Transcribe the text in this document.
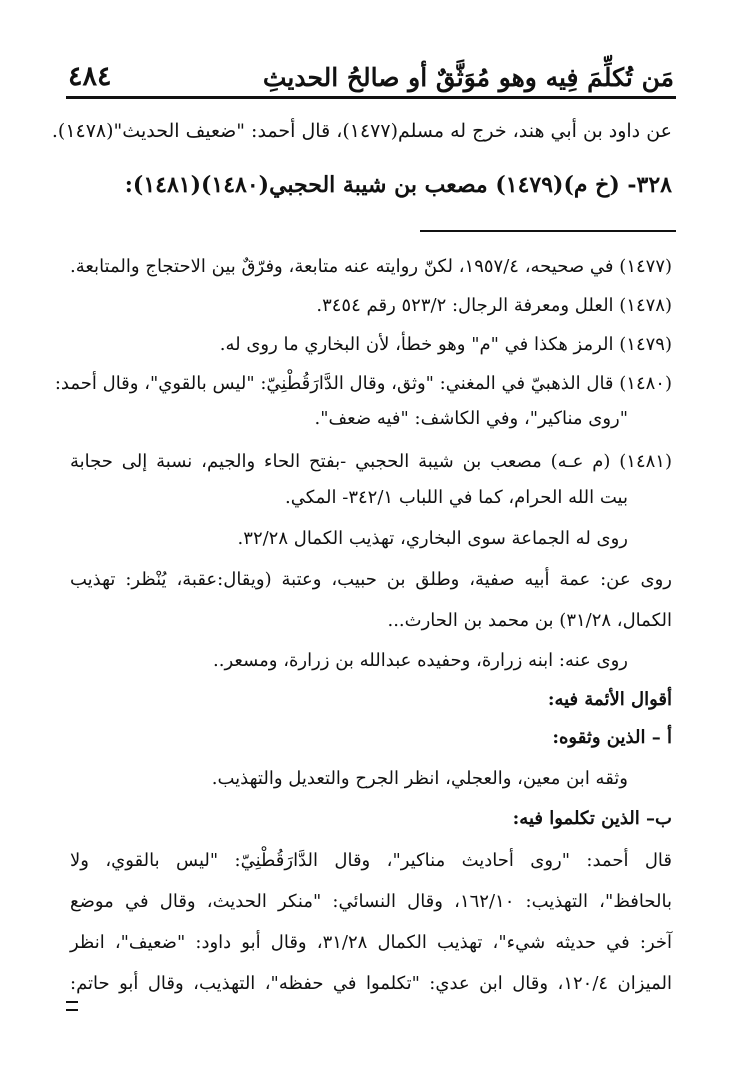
مَن تُكلِّمَ فِيه وهو مُوَثَّقٌ أو صالحُ الحديثِ
٤٨٤
عن داود بن أبي هند، خرج له مسلم(١٤٧٧)، قال أحمد: "ضعيف الحديث"(١٤٧٨).
٣٢٨- (خ م)(١٤٧٩) مصعب بن شيبة الحجبي(١٤٨٠)(١٤٨١):
(١٤٧٧) في صحيحه، ١٩٥٧/٤، لكنّ روايته عنه متابعة، وفرّقٌ بين الاحتجاج والمتابعة.
(١٤٧٨) العلل ومعرفة الرجال: ٥٢٣/٢ رقم ٣٤٥٤.
(١٤٧٩) الرمز هكذا في "م" وهو خطأ، لأن البخاري ما روى له.
(١٤٨٠) قال الذهبيّ في المغني: "وثق، وقال الدَّارَقُطْنِيّ: "ليس بالقوي"، وقال أحمد:
"روى مناكير"، وفي الكاشف: "فيه ضعف".
(١٤٨١) (م عـه) مصعب بن شيبة الحجبي -بفتح الحاء والجيم، نسبة إلى حجابة
بيت الله الحرام، كما في اللباب ٣٤٢/١- المكي.
روى له الجماعة سوى البخاري، تهذيب الكمال ٣٢/٢٨.
روى عن: عمة أبيه صفية، وطلق بن حبيب، وعتبة (ويقال:عقبة، يُنْظر: تهذيب
الكمال، ٣١/٢٨) بن محمد بن الحارث...
روى عنه: ابنه زرارة، وحفيده عبدالله بن زرارة، ومسعر..
أقوال الأئمة فيه:
أ – الذين وثقوه:
وثقه ابن معين، والعجلي، انظر الجرح والتعديل والتهذيب.
ب– الذين تكلموا فيه:
قال أحمد: "روى أحاديث مناكير"، وقال الدَّارَقُطْنِيّ: "ليس بالقوي، ولا
بالحافظ"، التهذيب: ١٦٢/١٠، وقال النسائي: "منكر الحديث، وقال في موضع
آخر: في حديثه شيء"، تهذيب الكمال ٣١/٢٨، وقال أبو داود: "ضعيف"، انظر
الميزان ١٢٠/٤، وقال ابن عدي: "تكلموا في حفظه"، التهذيب، وقال أبو حاتم:
